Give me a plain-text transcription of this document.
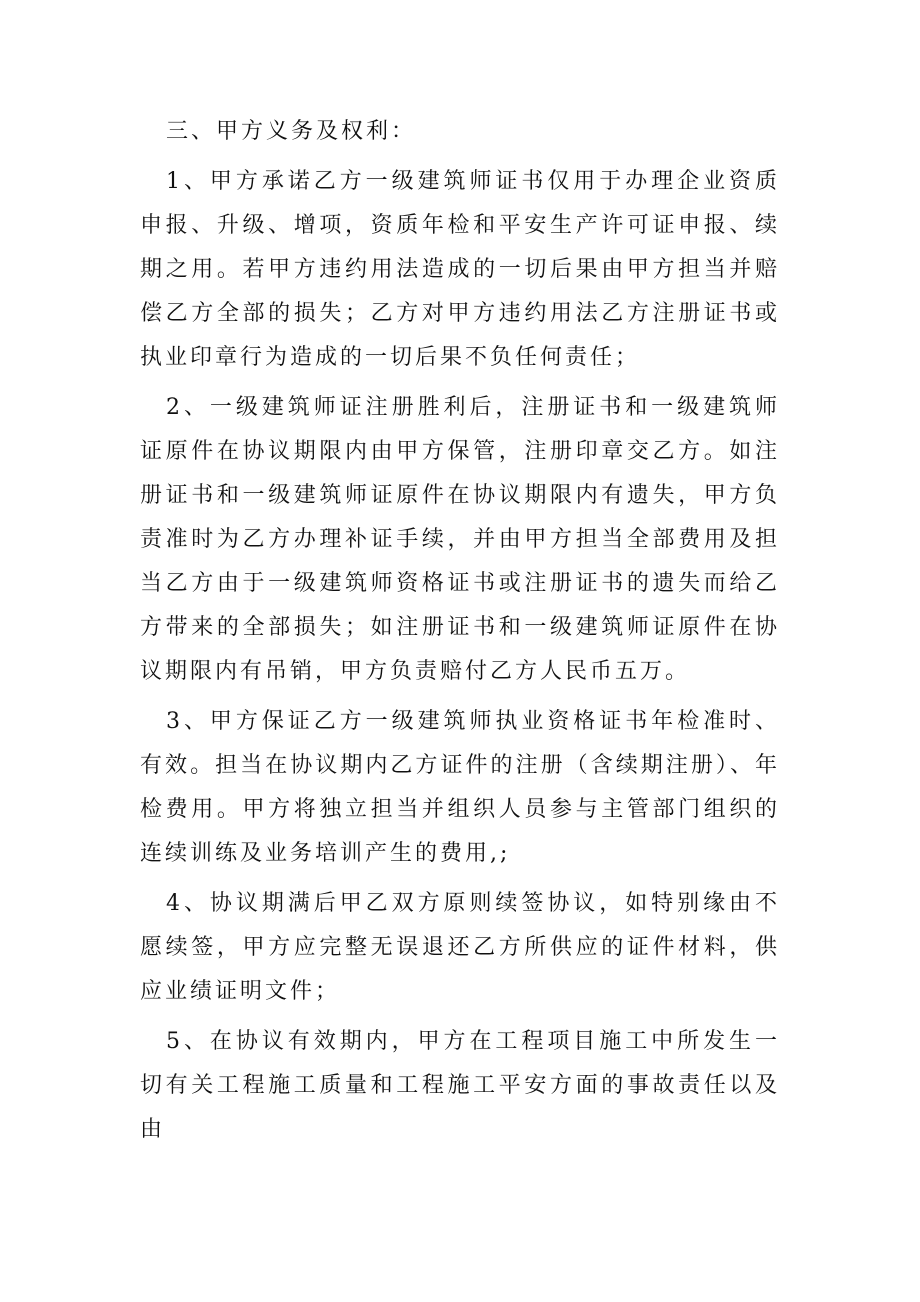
三、甲方义务及权利：

1、甲方承诺乙方一级建筑师证书仅用于办理企业资质申报、升级、增项，资质年检和平安生产许可证申报、续期之用。若甲方违约用法造成的一切后果由甲方担当并赔偿乙方全部的损失；乙方对甲方违约用法乙方注册证书或执业印章行为造成的一切后果不负任何责任；

2、一级建筑师证注册胜利后，注册证书和一级建筑师证原件在协议期限内由甲方保管，注册印章交乙方。如注册证书和一级建筑师证原件在协议期限内有遗失，甲方负责准时为乙方办理补证手续，并由甲方担当全部费用及担当乙方由于一级建筑师资格证书或注册证书的遗失而给乙方带来的全部损失；如注册证书和一级建筑师证原件在协议期限内有吊销，甲方负责赔付乙方人民币五万。

3、甲方保证乙方一级建筑师执业资格证书年检准时、有效。担当在协议期内乙方证件的注册（含续期注册）、年检费用。甲方将独立担当并组织人员参与主管部门组织的连续训练及业务培训产生的费用,;

4、协议期满后甲乙双方原则续签协议，如特别缘由不愿续签，甲方应完整无误退还乙方所供应的证件材料，供应业绩证明文件；

5、在协议有效期内，甲方在工程项目施工中所发生一切有关工程施工质量和工程施工平安方面的事故责任以及由
